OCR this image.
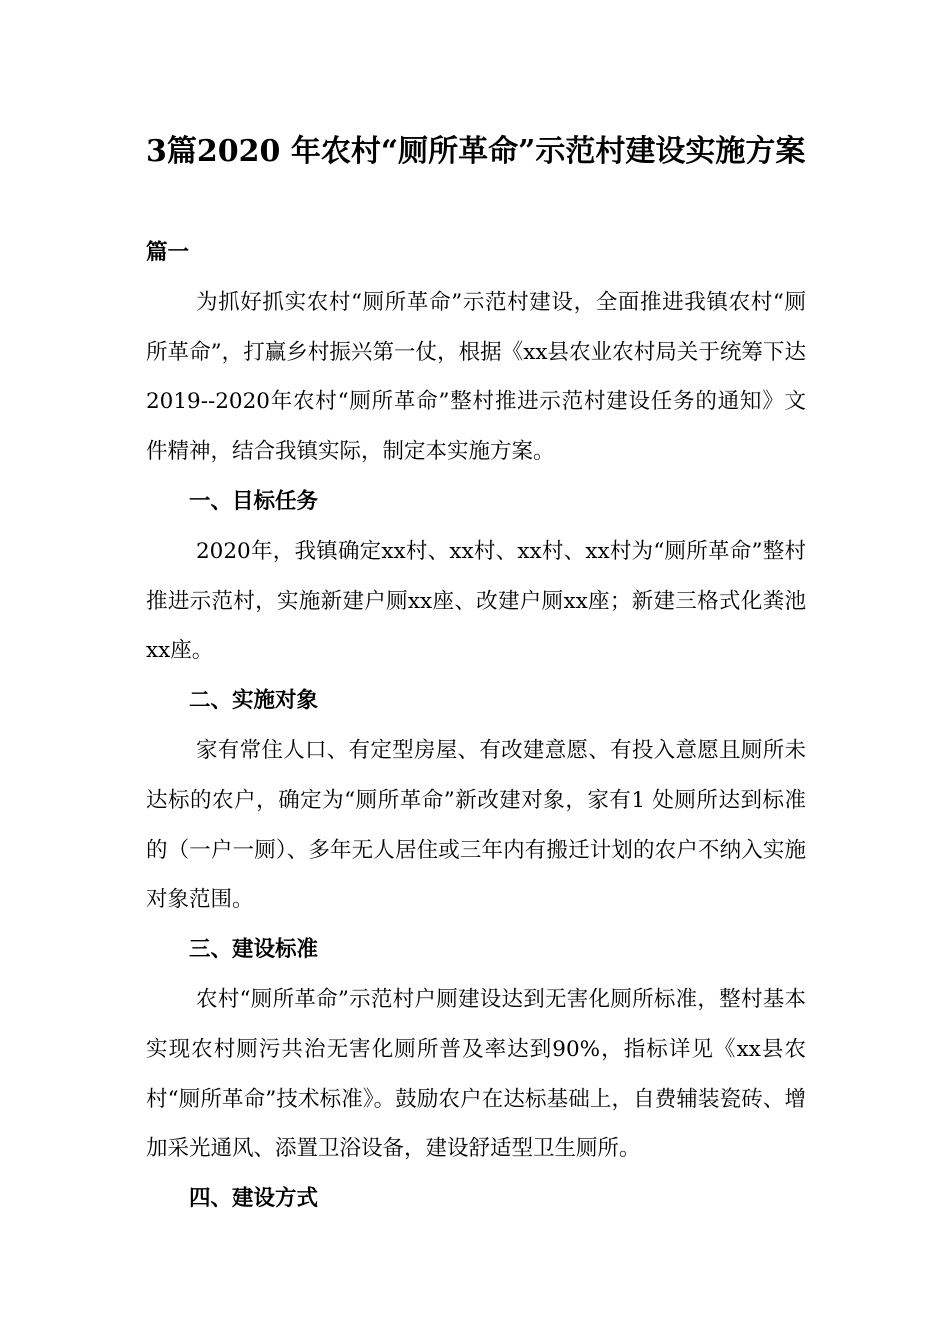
3篇2020 年农村“厕所革命”示范村建设实施方案

篇一

为抓好抓实农村“厕所革命”示范村建设，全面推进我镇农村“厕所革命”，打赢乡村振兴第一仗，根据《xx县农业农村局关于统筹下达2019--2020年农村“厕所革命”整村推进示范村建设任务的通知》文件精神，结合我镇实际，制定本实施方案。

一、目标任务

2020年，我镇确定xx村、xx村、xx村、xx村为“厕所革命”整村推进示范村，实施新建户厕xx座、改建户厕xx座；新建三格式化粪池xx座。

二、实施对象

家有常住人口、有定型房屋、有改建意愿、有投入意愿且厕所未达标的农户，确定为“厕所革命”新改建对象，家有1 处厕所达到标准的（一户一厕）、多年无人居住或三年内有搬迁计划的农户不纳入实施对象范围。

三、建设标准

农村“厕所革命”示范村户厕建设达到无害化厕所标准，整村基本实现农村厕污共治无害化厕所普及率达到90%，指标详见《xx县农村“厕所革命”技术标准》。鼓励农户在达标基础上，自费辅装瓷砖、增加采光通风、添置卫浴设备，建设舒适型卫生厕所。

四、建设方式
